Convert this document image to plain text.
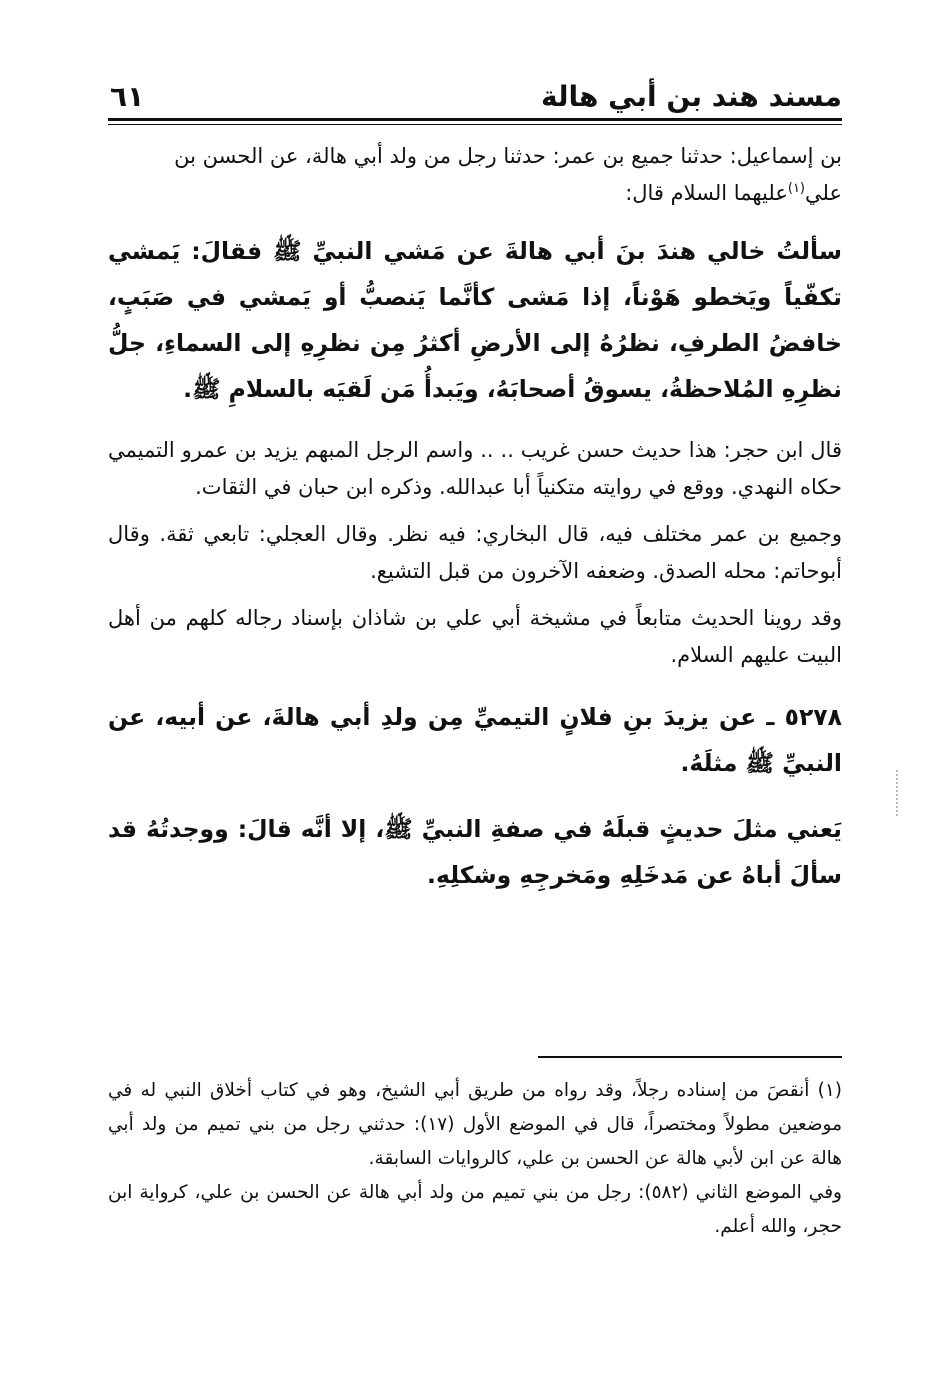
مسند هند بن أبي هالة
٦١

بن إسماعيل: حدثنا جميع بن عمر: حدثنا رجل من ولد أبي هالة، عن الحسن بن
علي$^{(١)}$عليهما السلام قال:

سألتُ خالي هندَ بنَ أبي هالةَ عن مَشي النبيِّ ﷺ فقالَ: يَمشي تكفّياً ويَخطو هَوْناً، إذا مَشى كأنَّما يَنصبُّ أو يَمشي في صَبَبٍ، خافضُ الطرفِ، نظرُهُ إلى الأرضِ أكثرُ مِن نظرِهِ إلى السماءِ، جلُّ نظرِهِ المُلاحظةُ، يسوقُ أصحابَهُ، ويَبدأُ مَن لَقيَه بالسلامِ ﷺ.

قال ابن حجر: هذا حديث حسن غريب .. .. واسم الرجل المبهم يزيد بن عمرو التميمي حكاه النهدي. ووقع في روايته متكنياً أبا عبدالله. وذكره ابن حبان في الثقات.

وجميع بن عمر مختلف فيه، قال البخاري: فيه نظر. وقال العجلي: تابعي ثقة. وقال أبوحاتم: محله الصدق. وضعفه الآخرون من قبل التشيع.

وقد روينا الحديث متابعاً في مشيخة أبي علي بن شاذان بإسناد رجاله كلهم من أهل البيت عليهم السلام.

٥٢٧٨ ـ عن يزيدَ بنِ فلانٍ التيميِّ مِن ولدِ أبي هالةَ، عن أبيه، عن النبيِّ ﷺ مثلَهُ.

يَعني مثلَ حديثٍ قبلَهُ في صفةِ النبيِّ ﷺ، إلا أنَّه قالَ: ووجدتُهُ قد سألَ أباهُ عن مَدخَلِهِ ومَخرجِهِ وشكلِهِ.

(١) أنقصَ من إسناده رجلاً، وقد رواه من طريق أبي الشيخ، وهو في كتاب أخلاق النبي له في موضعين مطولاً ومختصراً، قال في الموضع الأول (١٧): حدثني رجل من بني تميم من ولد أبي هالة عن ابن لأبي هالة عن الحسن بن علي، كالروايات السابقة.

وفي الموضع الثاني (٥٨٢): رجل من بني تميم من ولد أبي هالة عن الحسن بن علي، كرواية ابن حجر، والله أعلم.
